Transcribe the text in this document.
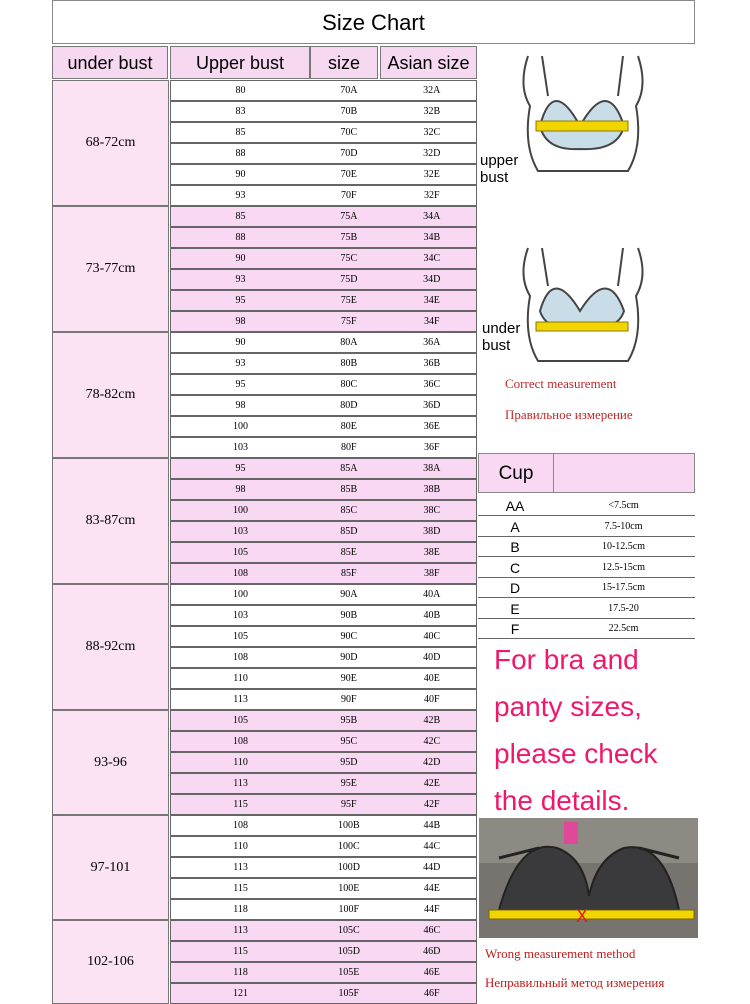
Size Chart
under bust	Upper bust	size	Asian size
68-72cm
80	70A	32A
83	70B	32B
85	70C	32C
88	70D	32D
90	70E	32E
93	70F	32F
73-77cm
85	75A	34A
88	75B	34B
90	75C	34C
93	75D	34D
95	75E	34E
98	75F	34F
78-82cm
90	80A	36A
93	80B	36B
95	80C	36C
98	80D	36D
100	80E	36E
103	80F	36F
83-87cm
95	85A	38A
98	85B	38B
100	85C	38C
103	85D	38D
105	85E	38E
108	85F	38F
88-92cm
100	90A	40A
103	90B	40B
105	90C	40C
108	90D	40D
110	90E	40E
113	90F	40F
93-96
105	95B	42B
108	95C	42C
110	95D	42D
113	95E	42E
115	95F	42F
97-101
108	100B	44B
110	100C	44C
113	100D	44D
115	100E	44E
118	100F	44F
102-106
113	105C	46C
115	105D	46D
118	105E	46E
121	105F	46F
upper bust
under bust
Correct measurement
Правильное измерение
Cup
AA	<7.5cm
A	7.5-10cm
B	10-12.5cm
C	12.5-15cm
D	15-17.5cm
E	17.5-20
F	22.5cm
For bra and panty sizes, please check the details.
X
Wrong measurement method
Неправильный метод измерения
